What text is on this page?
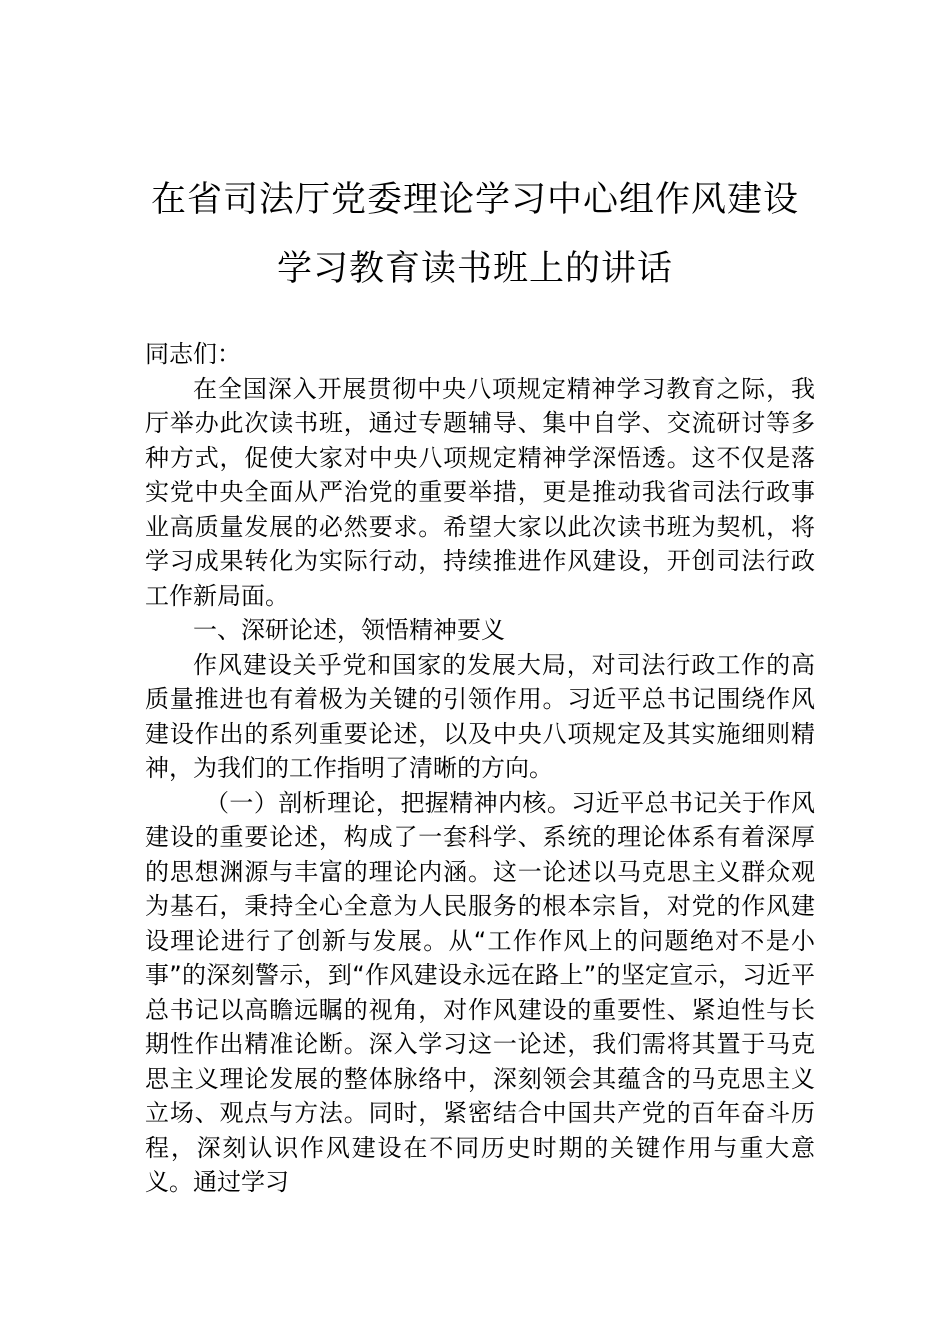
在省司法厅党委理论学习中心组作风建设
学习教育读书班上的讲话

同志们：

在全国深入开展贯彻中央八项规定精神学习教育之际，我厅举办此次读书班，通过专题辅导、集中自学、交流研讨等多种方式，促使大家对中央八项规定精神学深悟透。这不仅是落实党中央全面从严治党的重要举措，更是推动我省司法行政事业高质量发展的必然要求。希望大家以此次读书班为契机，将学习成果转化为实际行动，持续推进作风建设，开创司法行政工作新局面。

一、深研论述，领悟精神要义

作风建设关乎党和国家的发展大局，对司法行政工作的高质量推进也有着极为关键的引领作用。习近平总书记围绕作风建设作出的系列重要论述，以及中央八项规定及其实施细则精神，为我们的工作指明了清晰的方向。

（一）剖析理论，把握精神内核。习近平总书记关于作风建设的重要论述，构成了一套科学、系统的理论体系有着深厚的思想渊源与丰富的理论内涵。这一论述以马克思主义群众观为基石，秉持全心全意为人民服务的根本宗旨，对党的作风建设理论进行了创新与发展。从“工作作风上的问题绝对不是小事”的深刻警示，到“作风建设永远在路上”的坚定宣示，习近平总书记以高瞻远瞩的视角，对作风建设的重要性、紧迫性与长期性作出精准论断。深入学习这一论述，我们需将其置于马克思主义理论发展的整体脉络中，深刻领会其蕴含的马克思主义立场、观点与方法。同时，紧密结合中国共产党的百年奋斗历程，深刻认识作风建设在不同历史时期的关键作用与重大意义。通过学习
